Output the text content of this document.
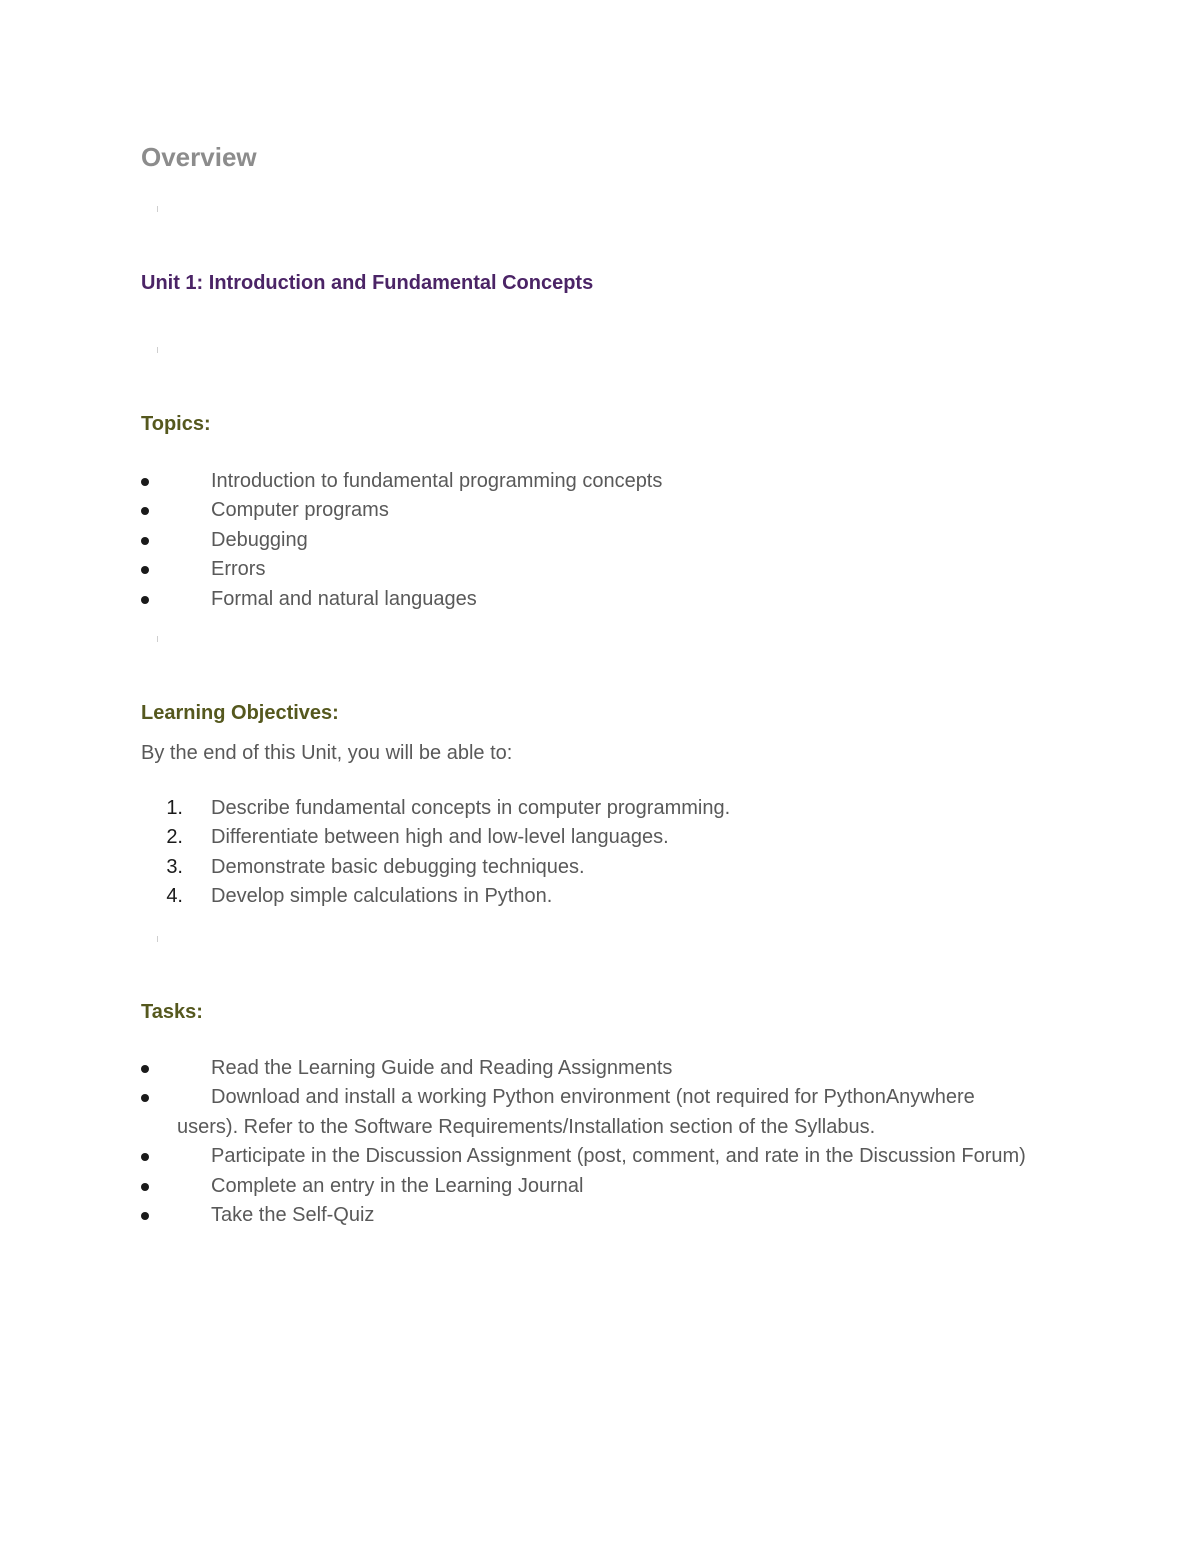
Overview
Unit 1: Introduction and Fundamental Concepts
Topics:
Introduction to fundamental programming concepts
Computer programs
Debugging
Errors
Formal and natural languages
Learning Objectives:

By the end of this Unit, you will be able to:

1. Describe fundamental concepts in computer programming.
2. Differentiate between high and low-level languages.
3. Demonstrate basic debugging techniques.
4. Develop simple calculations in Python.
Tasks:
Read the Learning Guide and Reading Assignments
Download and install a working Python environment (not required for PythonAnywhere
users). Refer to the Software Requirements/Installation section of the Syllabus.
Participate in the Discussion Assignment (post, comment, and rate in the Discussion Forum)
Complete an entry in the Learning Journal
Take the Self-Quiz
